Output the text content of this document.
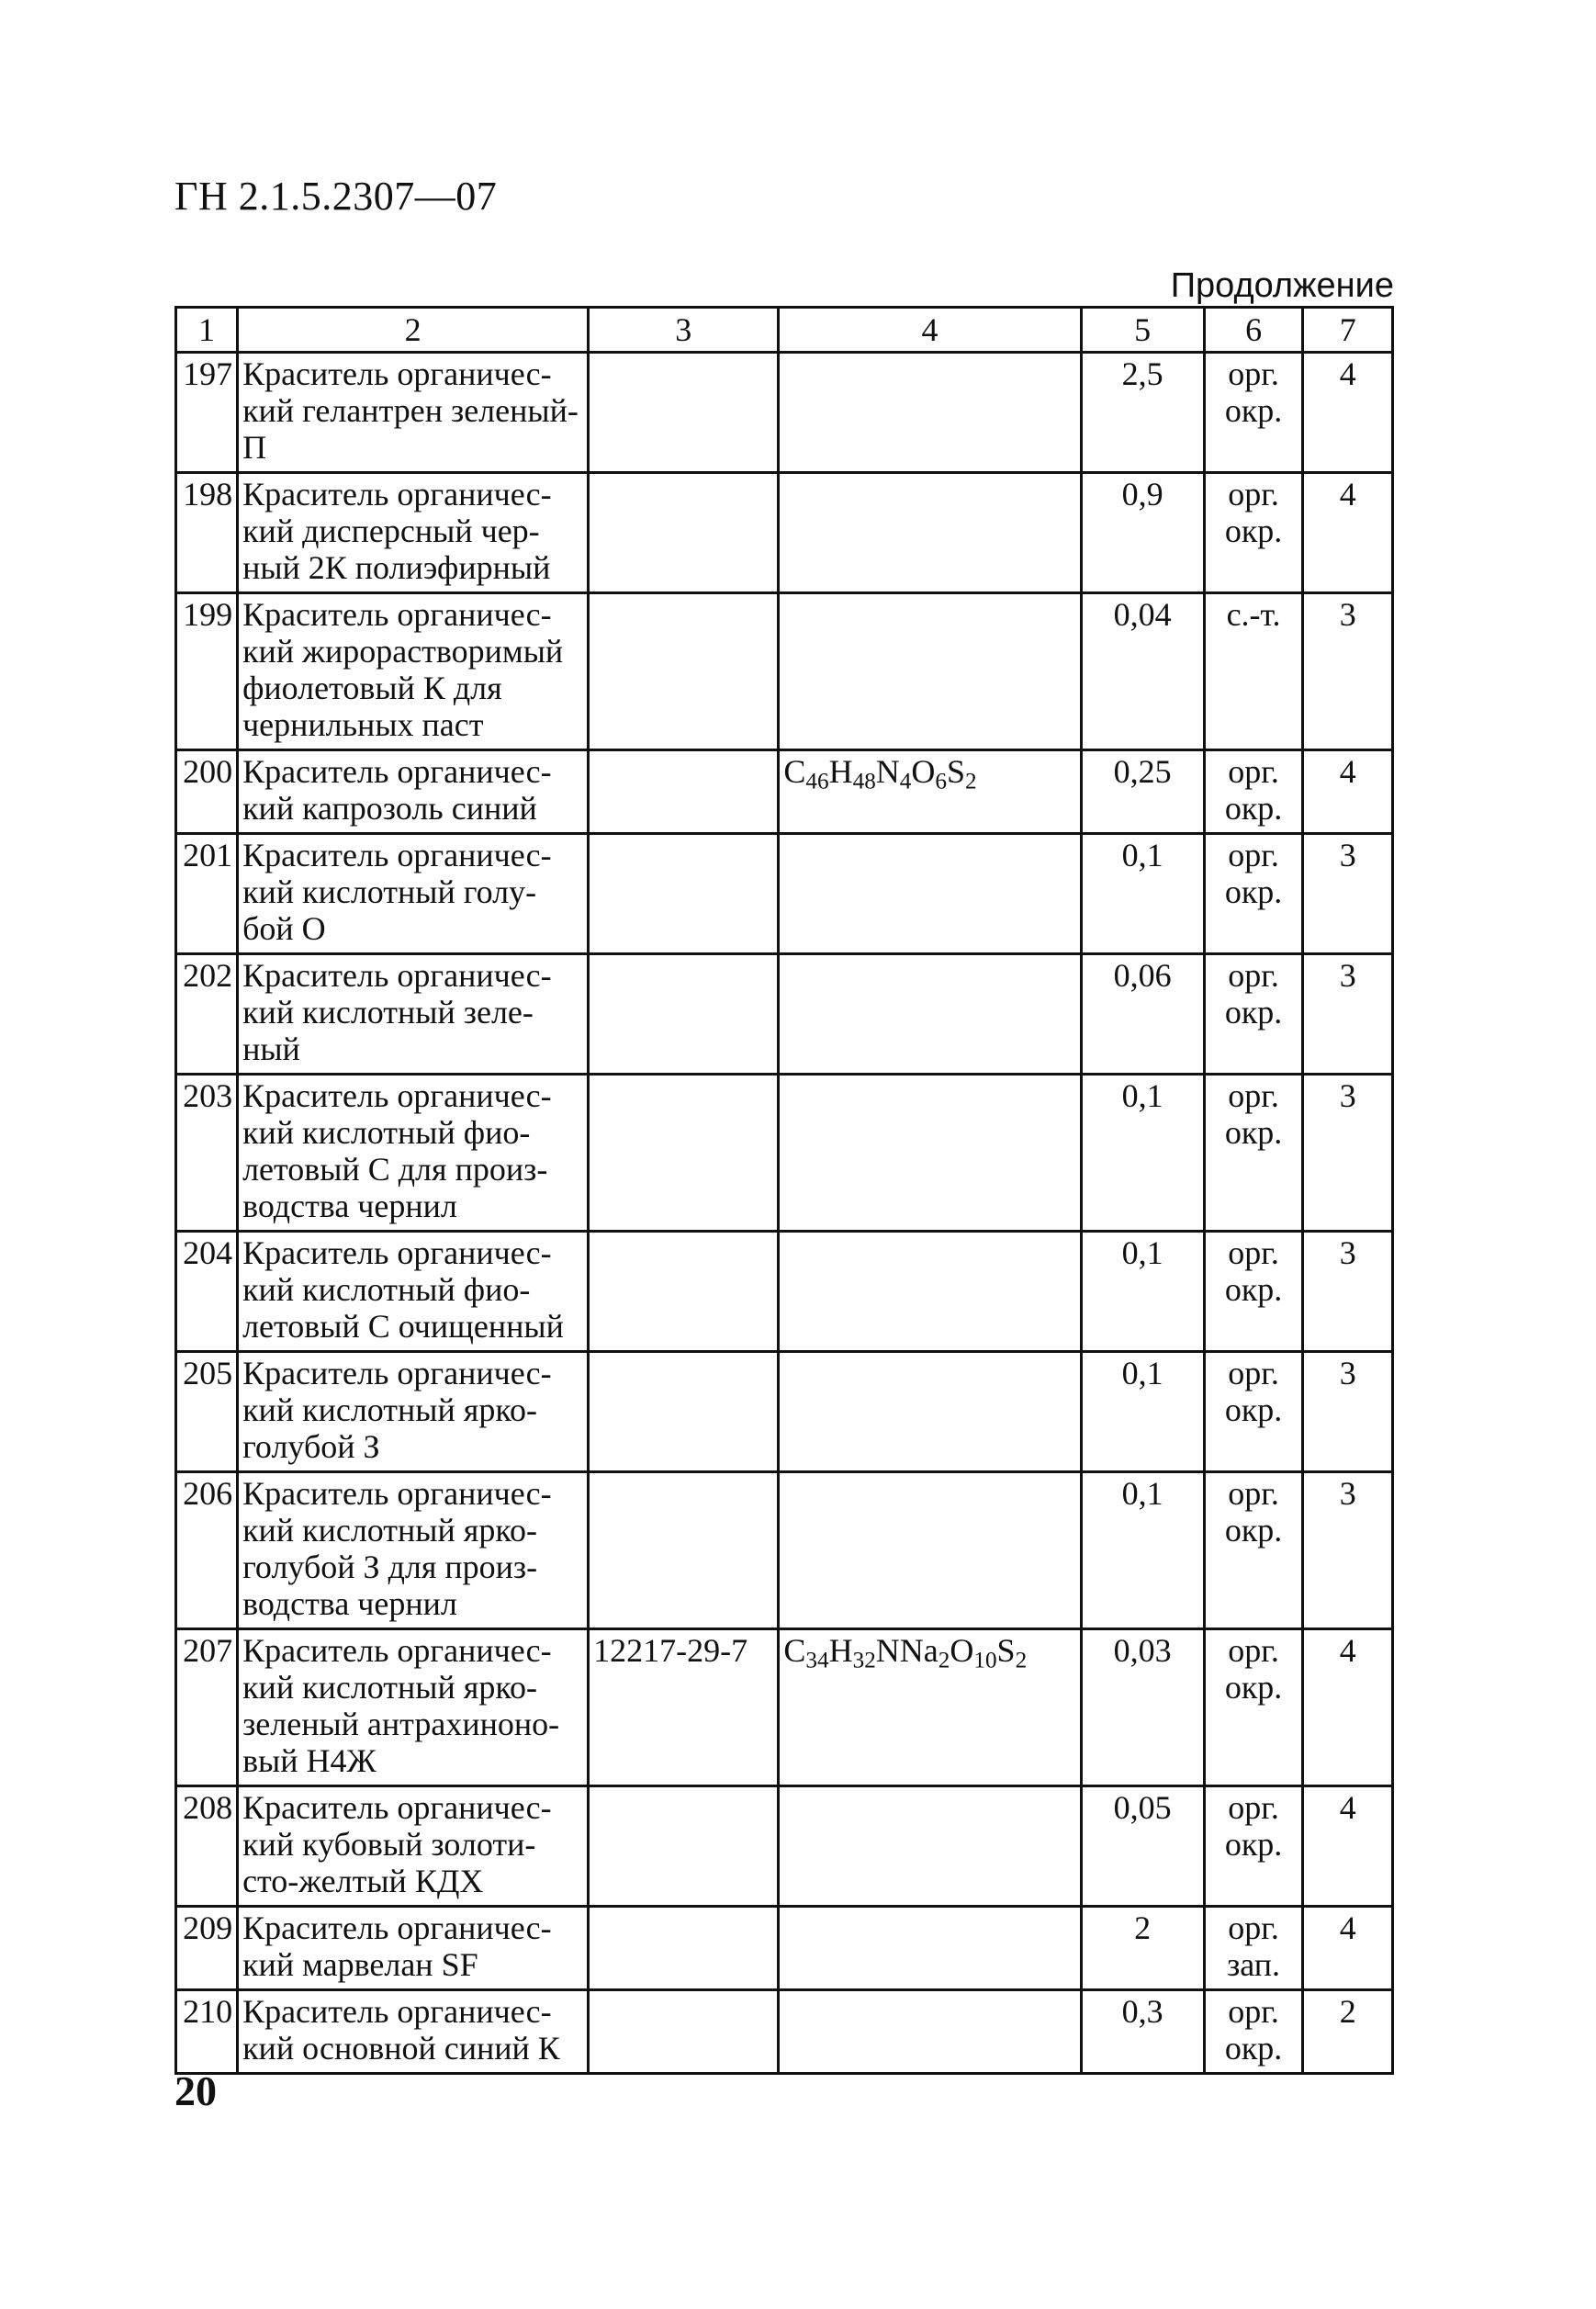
ГН 2.1.5.2307—07
Продолжение
1	2	3	4	5	6	7
197	Краситель органичес-кий гелантрен зеленый-П			2,5	орг. окр.	4
198	Краситель органичес-кий дисперсный чер-ный 2К полиэфирный			0,9	орг. окр.	4
199	Краситель органичес-кий жирорастворимый фиолетовый К для чернильных паст			0,04	с.-т.	3
200	Краситель органичес-кий капрозоль синий		$C_{46}H_{48}N_4O_6S_2$	0,25	орг. окр.	4
201	Краситель органичес-кий кислотный голу-бой О			0,1	орг. окр.	3
202	Краситель органичес-кий кислотный зеле-ный			0,06	орг. окр.	3
203	Краситель органичес-кий кислотный фио-летовый С для произ-водства чернил			0,1	орг. окр.	3
204	Краситель органичес-кий кислотный фио-летовый С очищенный			0,1	орг. окр.	3
205	Краситель органичес-кий кислотный ярко-голубой З			0,1	орг. окр.	3
206	Краситель органичес-кий кислотный ярко-голубой З для произ-водства чернил			0,1	орг. окр.	3
207	Краситель органичес-кий кислотный ярко-зеленый антрахиноно-вый Н4Ж	12217-29-7	$C_{34}H_{32}NNa_2O_{10}S_2$	0,03	орг. окр.	4
208	Краситель органичес-кий кубовый золоти-сто-желтый КДХ			0,05	орг. окр.	4
209	Краситель органичес-кий марвелан SF			2	орг. зап.	4
210	Краситель органичес-кий основной синий К			0,3	орг. окр.	2
20
